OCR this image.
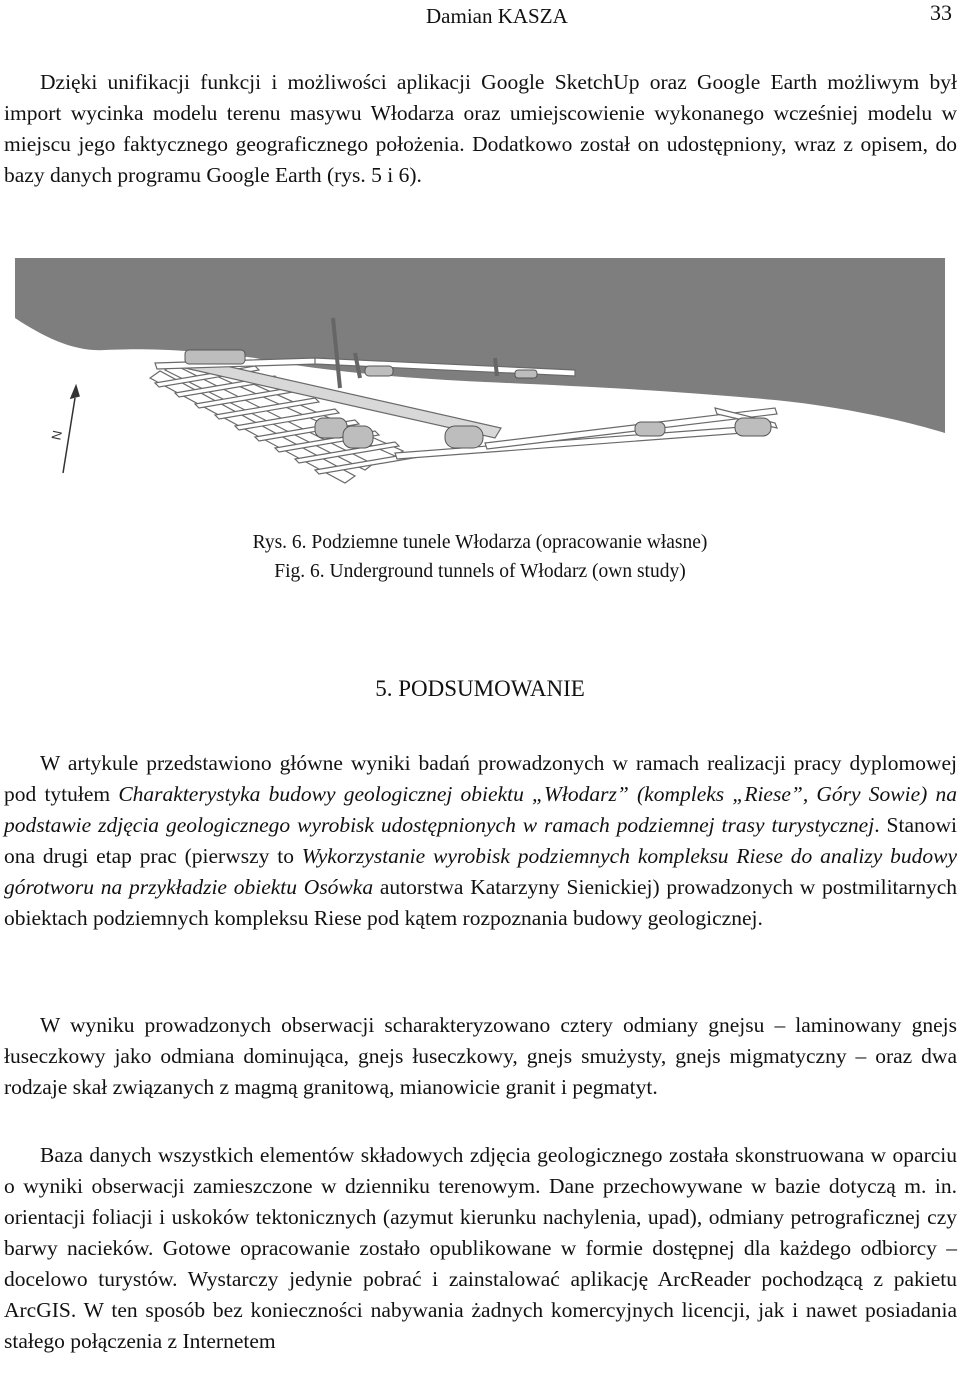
Damian KASZA	33
Dzięki unifikacji funkcji i możliwości aplikacji Google SketchUp oraz Google Earth możliwym był import wycinka modelu terenu masywu Włodarza oraz umiejscowienie wykonanego wcześniej modelu w miejscu jego faktycznego geograficznego położenia. Dodatkowo został on udostępniony, wraz z opisem, do bazy danych programu Google Earth (rys. 5 i 6).
N
Rys. 6. Podziemne tunele Włodarza (opracowanie własne)
Fig. 6. Underground tunnels of Włodarz (own study)
5. PODSUMOWANIE
W artykule przedstawiono główne wyniki badań prowadzonych w ramach realizacji pracy dyplomowej pod tytułem Charakterystyka budowy geologicznej obiektu „Włodarz” (kompleks „Riese”, Góry Sowie) na podstawie zdjęcia geologicznego wyrobisk udostępnionych w ramach podziemnej trasy turystycznej. Stanowi ona drugi etap prac (pierwszy to Wykorzystanie wyrobisk podziemnych kompleksu Riese do analizy budowy górotworu na przykładzie obiektu Osówka autorstwa Katarzyny Sienickiej) prowadzonych w postmilitarnych obiektach podziemnych kompleksu Riese pod kątem rozpoznania budowy geologicznej.
W wyniku prowadzonych obserwacji scharakteryzowano cztery odmiany gnejsu – laminowany gnejs łuseczkowy jako odmiana dominująca, gnejs łuseczkowy, gnejs smużysty, gnejs migmatyczny – oraz dwa rodzaje skał związanych z magmą granitową, mianowicie granit i pegmatyt.
Baza danych wszystkich elementów składowych zdjęcia geologicznego została skonstruowana w oparciu o wyniki obserwacji zamieszczone w dzienniku terenowym. Dane przechowywane w bazie dotyczą m. in. orientacji foliacji i uskoków tektonicznych (azymut kierunku nachylenia, upad), odmiany petrograficznej czy barwy nacieków. Gotowe opracowanie zostało opublikowane w formie dostępnej dla każdego odbiorcy – docelowo turystów. Wystarczy jedynie pobrać i zainstalować aplikację ArcReader pochodzącą z pakietu ArcGIS. W ten sposób bez konieczności nabywania żadnych komercyjnych licencji, jak i nawet posiadania stałego połączenia z Internetem
